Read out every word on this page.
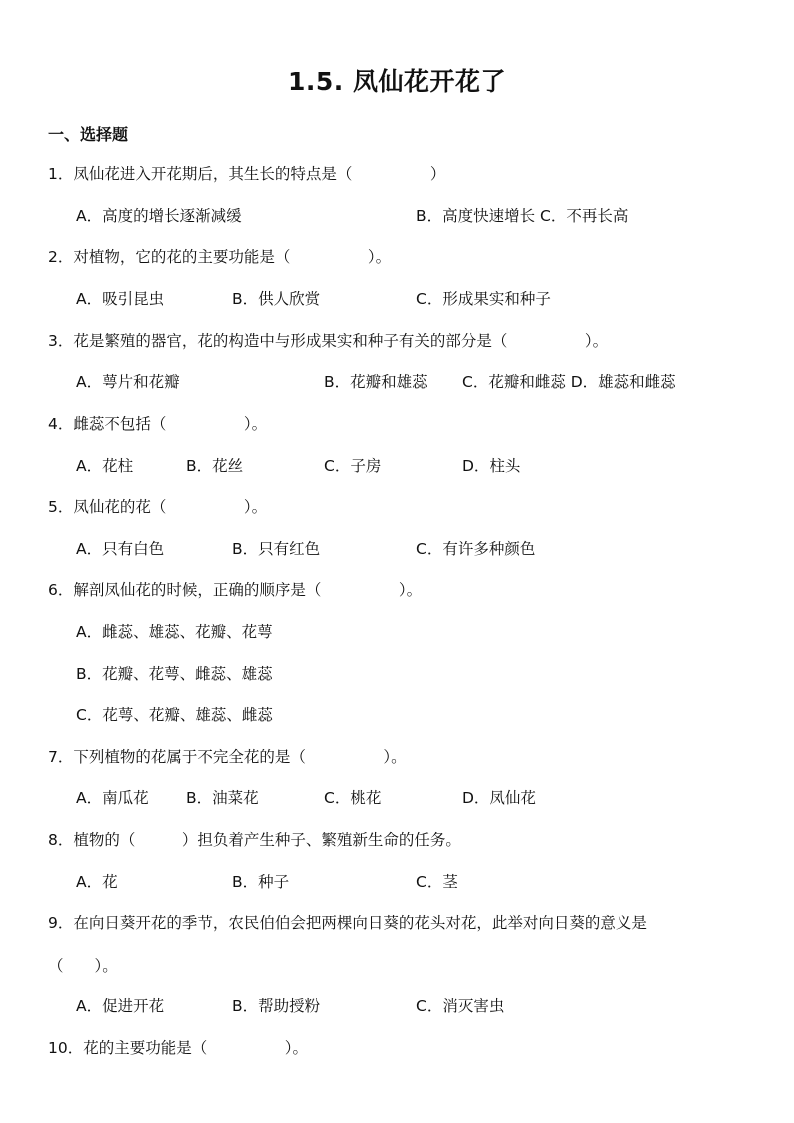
1.5. 凤仙花开花了
一、选择题
1．凤仙花进入开花期后，其生长的特点是（　　　　　）
A．高度的增长逐渐减缓	B．高度快速增长 C．不再长高
2．对植物，它的花的主要功能是（　　　　　）。
A．吸引昆虫	B．供人欣赏	C．形成果实和种子
3．花是繁殖的器官，花的构造中与形成果实和种子有关的部分是（　　　　　）。
A．萼片和花瓣	B．花瓣和雄蕊 C．花瓣和雌蕊 D．雄蕊和雌蕊
4．雌蕊不包括（　　　　　）。
A．花柱	B．花丝	C．子房	D．柱头
5．凤仙花的花（　　　　　）。
A．只有白色	B．只有红色	C．有许多种颜色
6．解剖凤仙花的时候，正确的顺序是（　　　　　）。
A．雌蕊、雄蕊、花瓣、花萼
B．花瓣、花萼、雌蕊、雄蕊
C．花萼、花瓣、雄蕊、雌蕊
7．下列植物的花属于不完全花的是（　　　　　）。
A．南瓜花 B．油菜花	C．桃花	D．凤仙花
8．植物的（　　　）担负着产生种子、繁殖新生命的任务。
A．花	B．种子	C．茎
9．在向日葵开花的季节，农民伯伯会把两棵向日葵的花头对花，此举对向日葵的意义是
（　　）。
A．促进开花	B．帮助授粉	C．消灭害虫
10．花的主要功能是（　　　　　）。
